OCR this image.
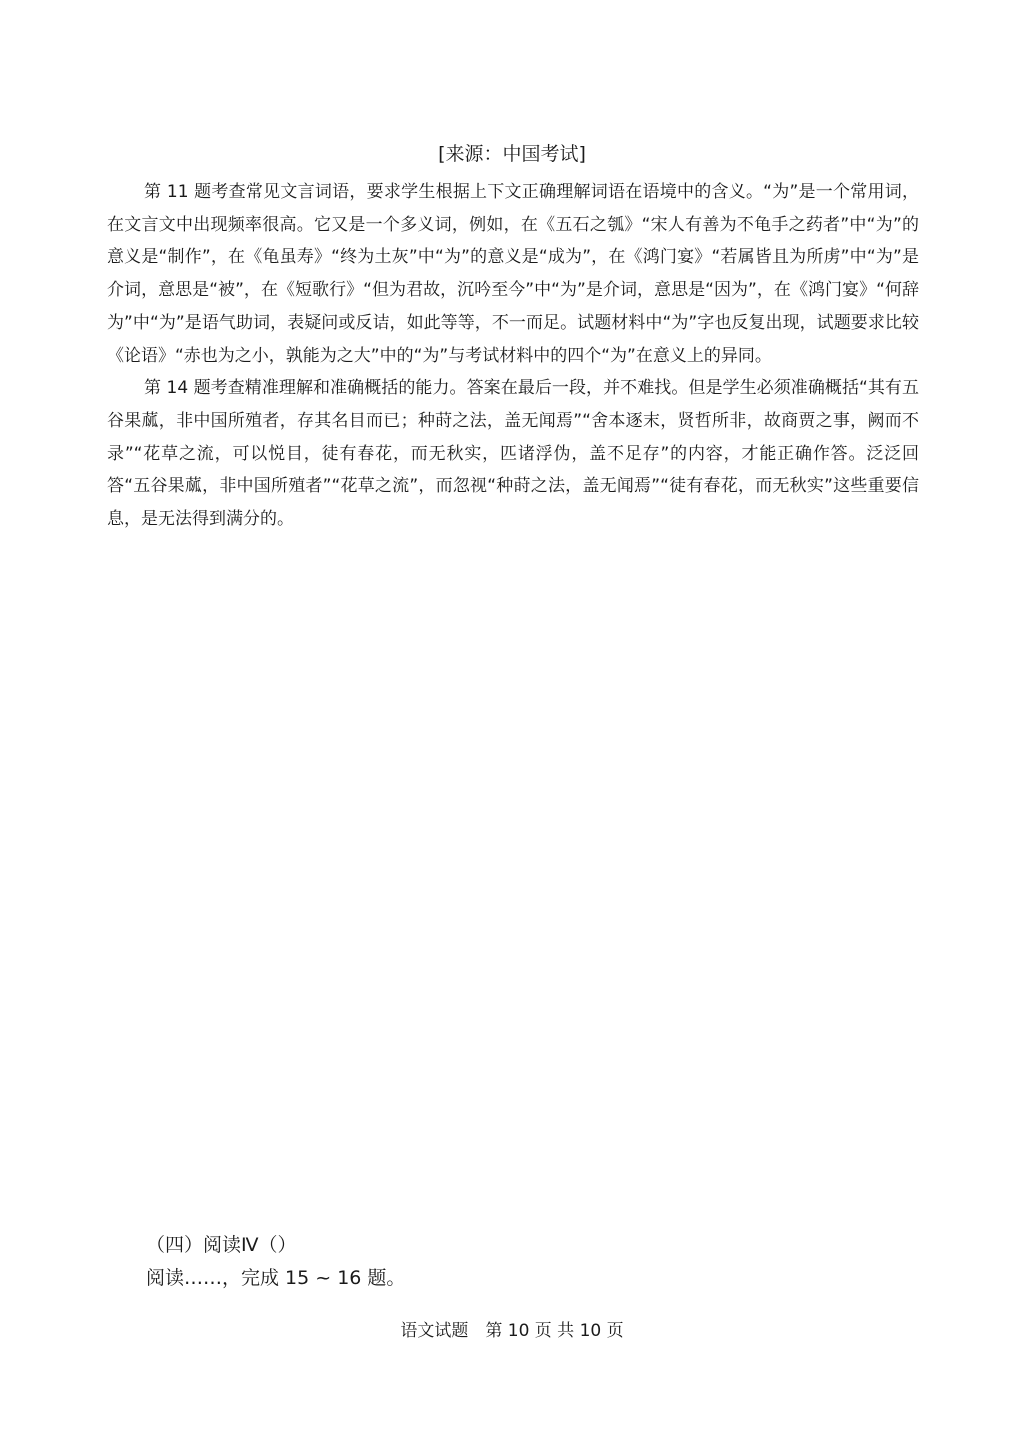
[来源：中国考试]

第 11 题考查常见文言词语，要求学生根据上下文正确理解词语在语境中的含义。“为”是一个常用词，在文言文中出现频率很高。它又是一个多义词，例如，在《五石之瓠》“宋人有善为不龟手之药者”中“为”的意义是“制作”，在《龟虽寿》“终为土灰”中“为”的意义是“成为”，在《鸿门宴》“若属皆且为所虏”中“为”是介词，意思是“被”，在《短歌行》“但为君故，沉吟至今”中“为”是介词，意思是“因为”，在《鸿门宴》“何辞为”中“为”是语气助词，表疑问或反诘，如此等等，不一而足。试题材料中“为”字也反复出现，试题要求比较《论语》“赤也为之小，孰能为之大”中的“为”与考试材料中的四个“为”在意义上的异同。

第 14 题考查精准理解和准确概括的能力。答案在最后一段，并不难找。但是学生必须准确概括“其有五谷果蓏，非中国所殖者，存其名目而已；种莳之法，盖无闻焉”“舍本逐末，贤哲所非，故商贾之事，阙而不录”“花草之流，可以悦目，徒有春花，而无秋实，匹诸浮伪，盖不足存”的内容，才能正确作答。泛泛回答“五谷果蓏，非中国所殖者”“花草之流”，而忽视“种莳之法，盖无闻焉”“徒有春花，而无秋实”这些重要信息，是无法得到满分的。

（四）阅读Ⅳ（）
阅读……，完成 15 ~ 16 题。
语文试题　第 10 页 共 10 页
